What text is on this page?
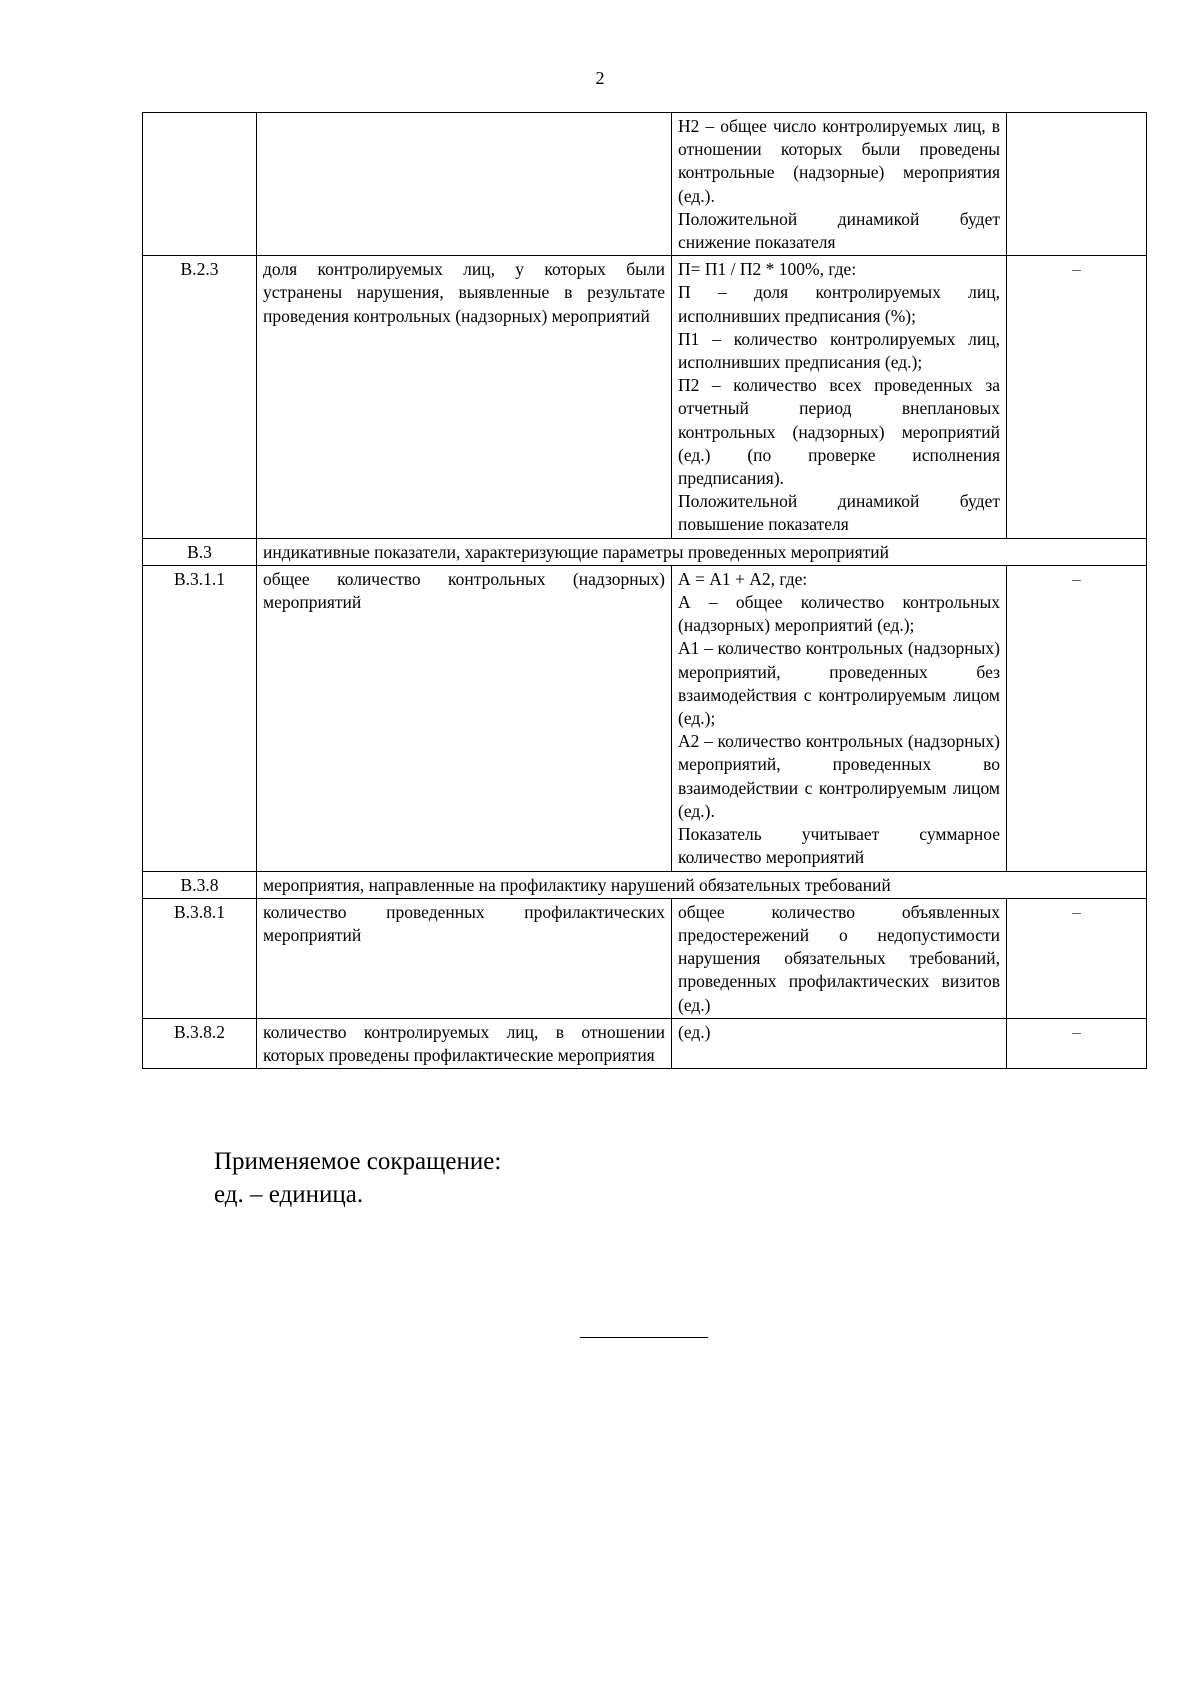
2

		Н2 – общее число контролируемых лиц, в отношении которых были проведены контрольные (надзорные) мероприятия (ед.).
Положительной динамикой будет снижение показателя	

В.2.3	доля контролируемых лиц, у которых были устранены нарушения, выявленные в результате проведения контрольных (надзорных) мероприятий	П= П1 / П2 * 100%, где:
П – доля контролируемых лиц, исполнивших предписания (%);
П1 – количество контролируемых лиц, исполнивших предписания (ед.);
П2 – количество всех проведенных за отчетный период внеплановых контрольных (надзорных) мероприятий (ед.) (по проверке исполнения предписания).
Положительной динамикой будет повышение показателя	–
В.3	индикативные показатели, характеризующие параметры проведенных мероприятий		
В.3.1.1	общее количество контрольных (надзорных) мероприятий	А = А1 + А2, где:
А – общее количество контрольных (надзорных) мероприятий (ед.);
А1 – количество контрольных (надзорных) мероприятий, проведенных без взаимодействия с контролируемым лицом (ед.);
А2 – количество контрольных (надзорных) мероприятий, проведенных во взаимодействии с контролируемым лицом (ед.).
Показатель учитывает суммарное количество мероприятий	–
В.3.8	мероприятия, направленные на профилактику нарушений обязательных требований		
В.3.8.1	количество проведенных профилактических мероприятий	общее количество объявленных предостережений о недопустимости нарушения обязательных требований, проведенных профилактических визитов (ед.)	–
В.3.8.2	количество контролируемых лиц, в отношении которых проведены профилактические мероприятия	(ед.)	–
Применяемое сокращение:
ед. – единица.
